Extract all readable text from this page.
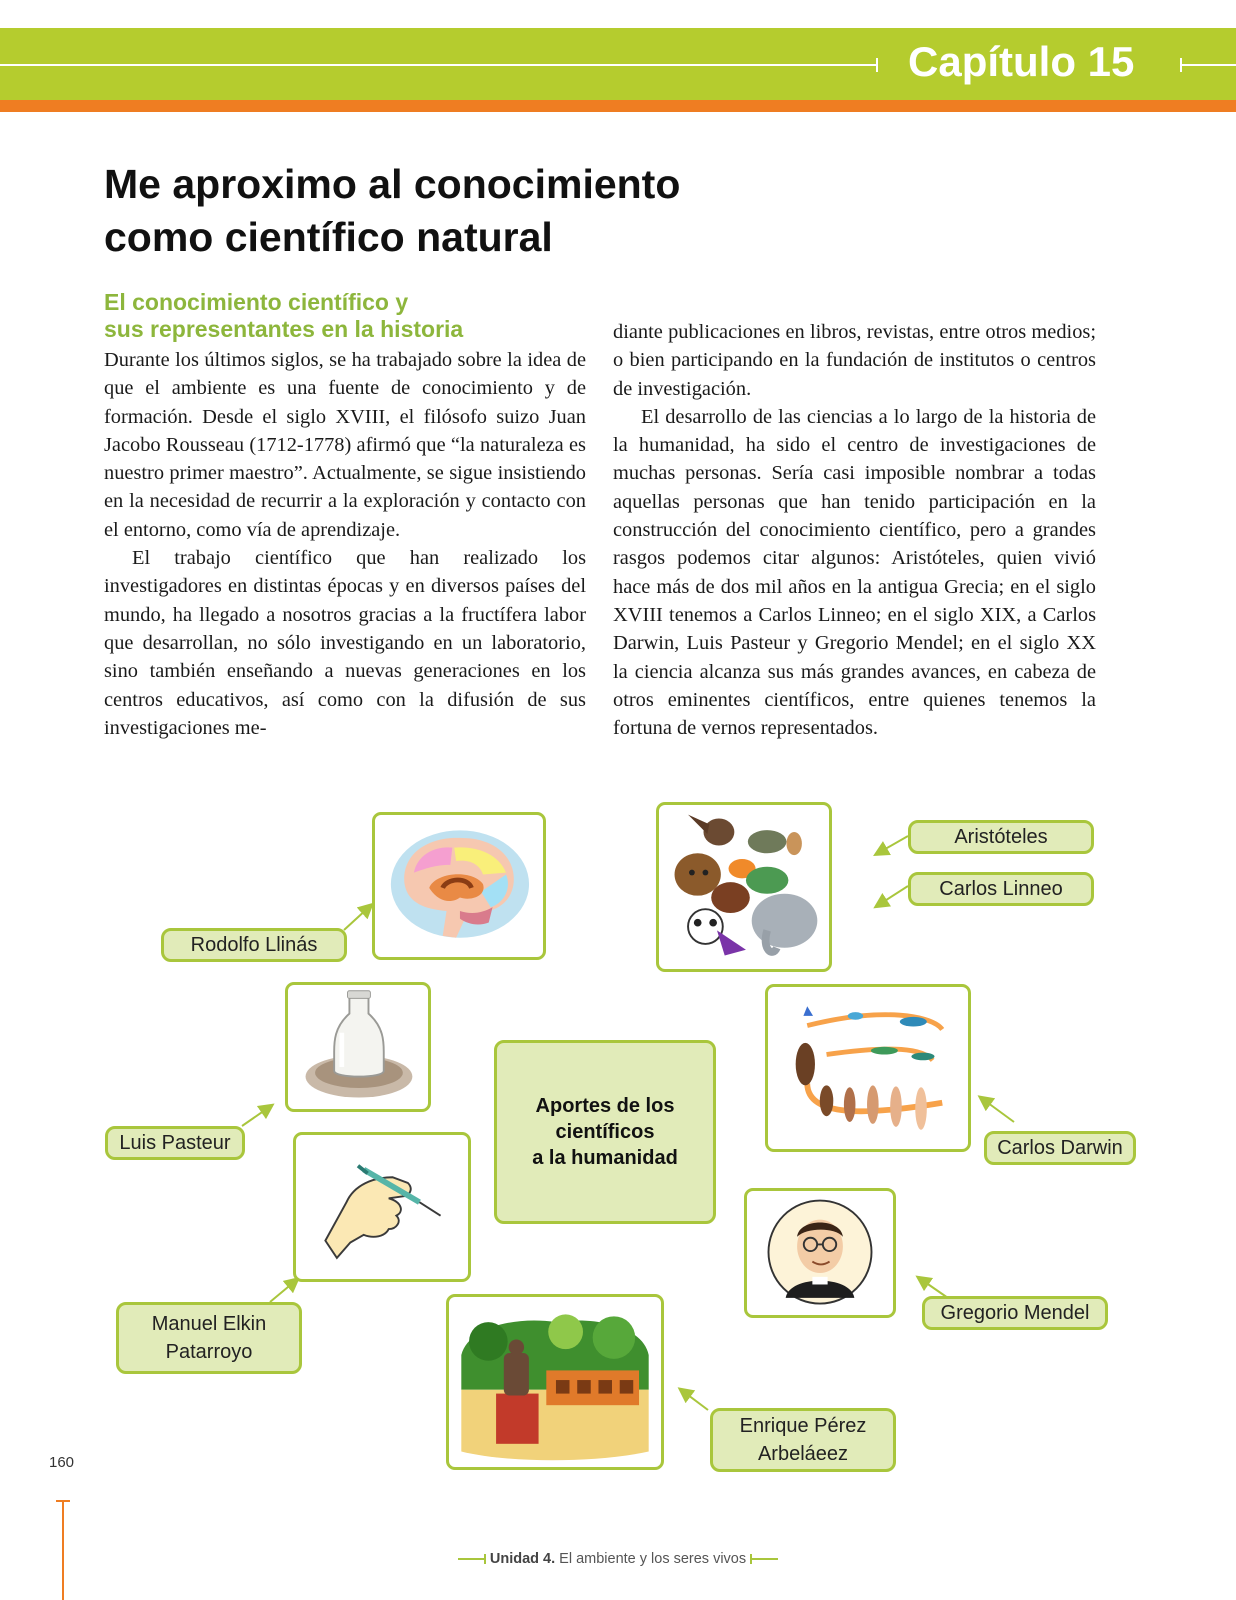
Capítulo 15
Me aproximo al conocimiento
como científico natural
El conocimiento científico y
sus representantes en la historia

Durante los últimos siglos, se ha trabajado sobre la idea de que el ambiente es una fuente de conocimiento y de formación. Desde el siglo XVIII, el filósofo suizo Juan Jacobo Rousseau (1712-1778) afirmó que “la naturaleza es nuestro primer maestro”. Actualmente, se sigue insistiendo en la necesidad de recurrir a la exploración y contacto con el entorno, como vía de aprendizaje.

El trabajo científico que han realizado los investigadores en distintas épocas y en diversos países del mundo, ha llegado a nosotros gracias a la fructífera labor que desarrollan, no sólo investigando en un laboratorio, sino también enseñando a nuevas generaciones en los centros educativos, así como con la difusión de sus investigaciones me-

diante publicaciones en libros, revistas, entre otros medios; o bien participando en la fundación de institutos o centros de investigación.

El desarrollo de las ciencias a lo largo de la historia de la humanidad, ha sido el centro de investigaciones de muchas personas. Sería casi imposible nombrar a todas aquellas personas que han tenido participación en la construcción del conocimiento científico, pero a grandes rasgos podemos citar algunos: Aristóteles, quien vivió hace más de dos mil años en la antigua Grecia; en el siglo XVIII tenemos a Carlos Linneo; en el siglo XIX, a Carlos Darwin, Luis Pasteur y Gregorio Mendel; en el siglo XX la ciencia alcanza sus más grandes avances, en cabeza de otros eminentes científicos, entre quienes tenemos la fortuna de vernos representados.

Aristóteles
Carlos Linneo
Rodolfo Llinás
Luis Pasteur	Carlos Darwin
Manuel Elkin
Patarroyo
Gregorio Mendel
Enrique Pérez
Arbeláeez
Aportes de los
científicos
a la humanidad
160
Unidad 4. El ambiente y los seres vivos
